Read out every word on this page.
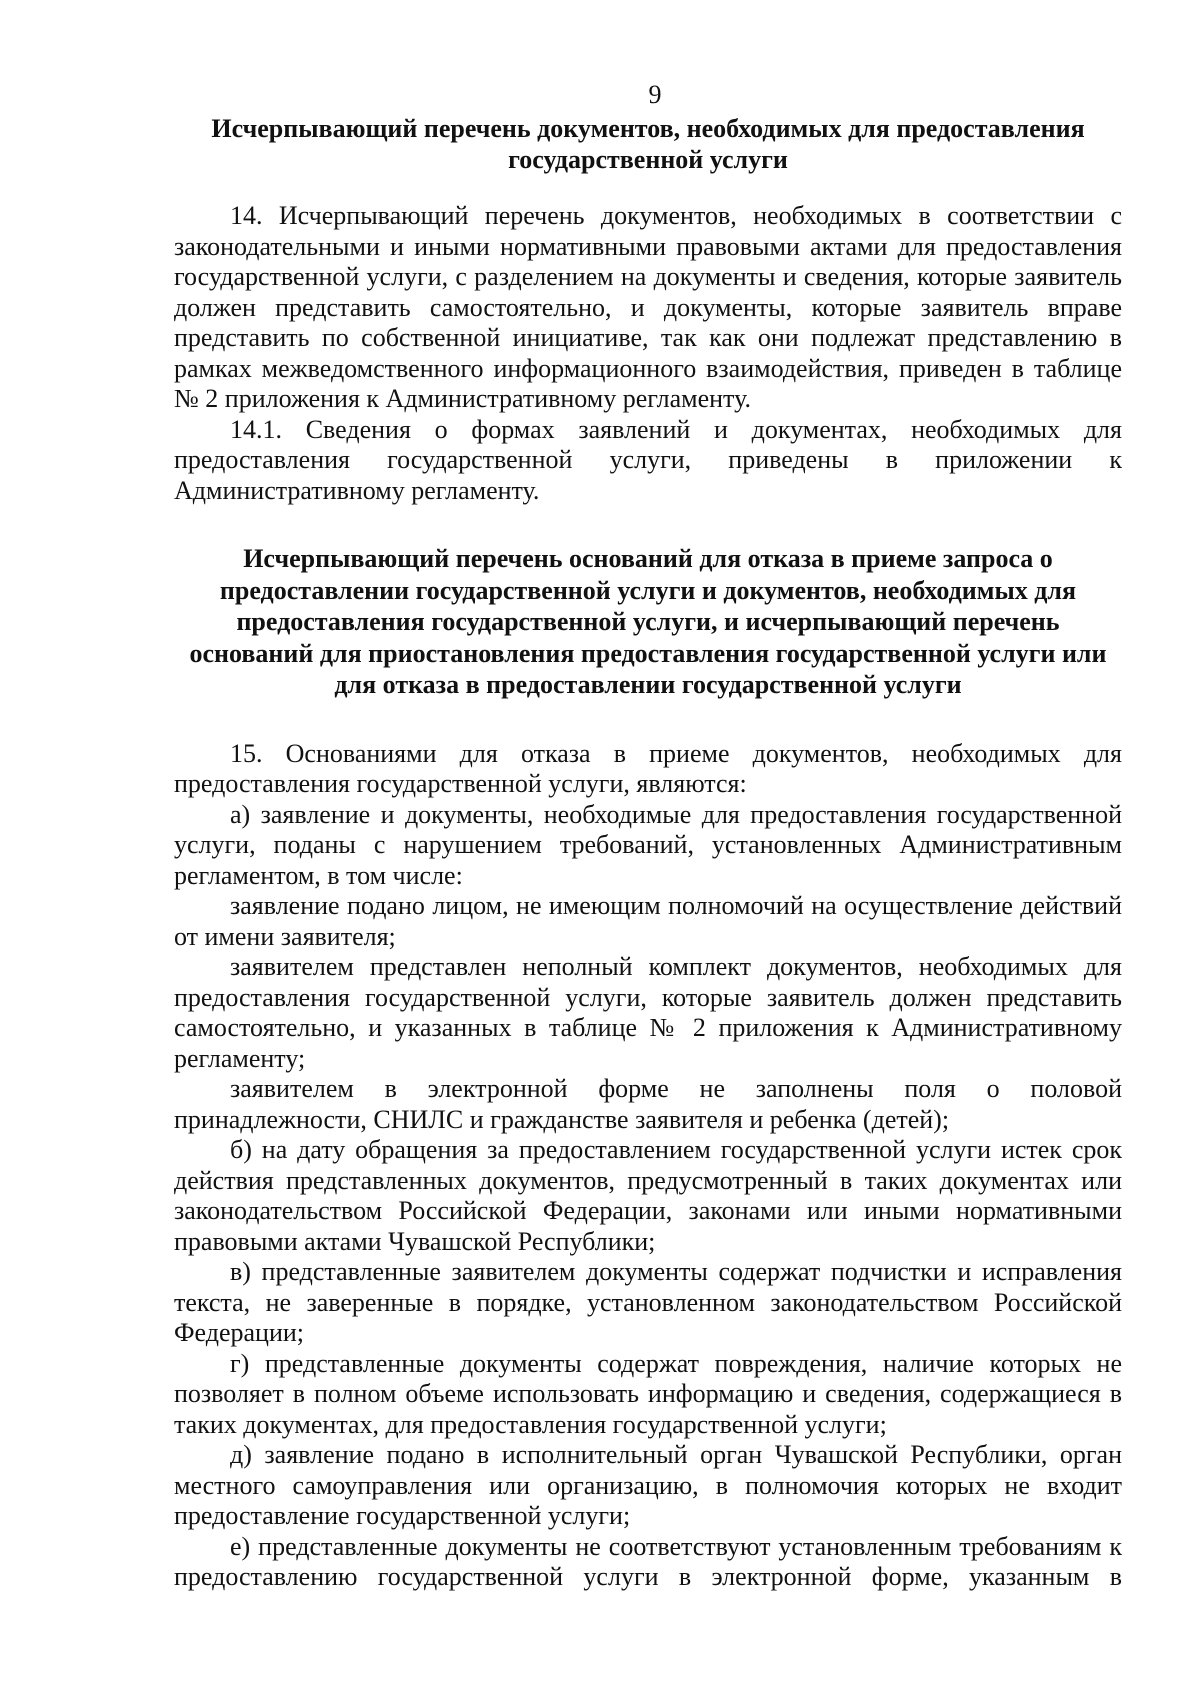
9
Исчерпывающий перечень документов, необходимых для предоставления государственной услуги

14. Исчерпывающий перечень документов, необходимых в соответствии с законодательными и иными нормативными правовыми актами для предоставления государственной услуги, с разделением на документы и сведения, которые заявитель должен представить самостоятельно, и документы, которые заявитель вправе представить по собственной инициативе, так как они подлежат представлению в рамках межведомственного информационного взаимодействия, приведен в таблице № 2 приложения к Административному регламенту.

14.1. Сведения о формах заявлений и документах, необходимых для предоставления государственной услуги, приведены в приложении к Административному регламенту.

Исчерпывающий перечень оснований для отказа в приеме запроса о предоставлении государственной услуги и документов, необходимых для предоставления государственной услуги, и исчерпывающий перечень оснований для приостановления предоставления государственной услуги или для отказа в предоставлении государственной услуги

15. Основаниями для отказа в приеме документов, необходимых для предоставления государственной услуги, являются:

а) заявление и документы, необходимые для предоставления государственной услуги, поданы с нарушением требований, установленных Административным регламентом, в том числе:

заявление подано лицом, не имеющим полномочий на осуществление действий от имени заявителя;

заявителем представлен неполный комплект документов, необходимых для предоставления государственной услуги, которые заявитель должен представить самостоятельно, и указанных в таблице № 2 приложения к Административному регламенту;

заявителем в электронной форме не заполнены поля о половой принадлежности, СНИЛС и гражданстве заявителя и ребенка (детей);

б) на дату обращения за предоставлением государственной услуги истек срок действия представленных документов, предусмотренный в таких документах или законодательством Российской Федерации, законами или иными нормативными правовыми актами Чувашской Республики;

в) представленные заявителем документы содержат подчистки и исправления текста, не заверенные в порядке, установленном законодательством Российской Федерации;

г) представленные документы содержат повреждения, наличие которых не позволяет в полном объеме использовать информацию и сведения, содержащиеся в таких документах, для предоставления государственной услуги;

д) заявление подано в исполнительный орган Чувашской Республики, орган местного самоуправления или организацию, в полномочия которых не входит предоставление государственной услуги;

е) представленные документы не соответствуют установленным требованиям к предоставлению государственной услуги в электронной форме, указанным в
